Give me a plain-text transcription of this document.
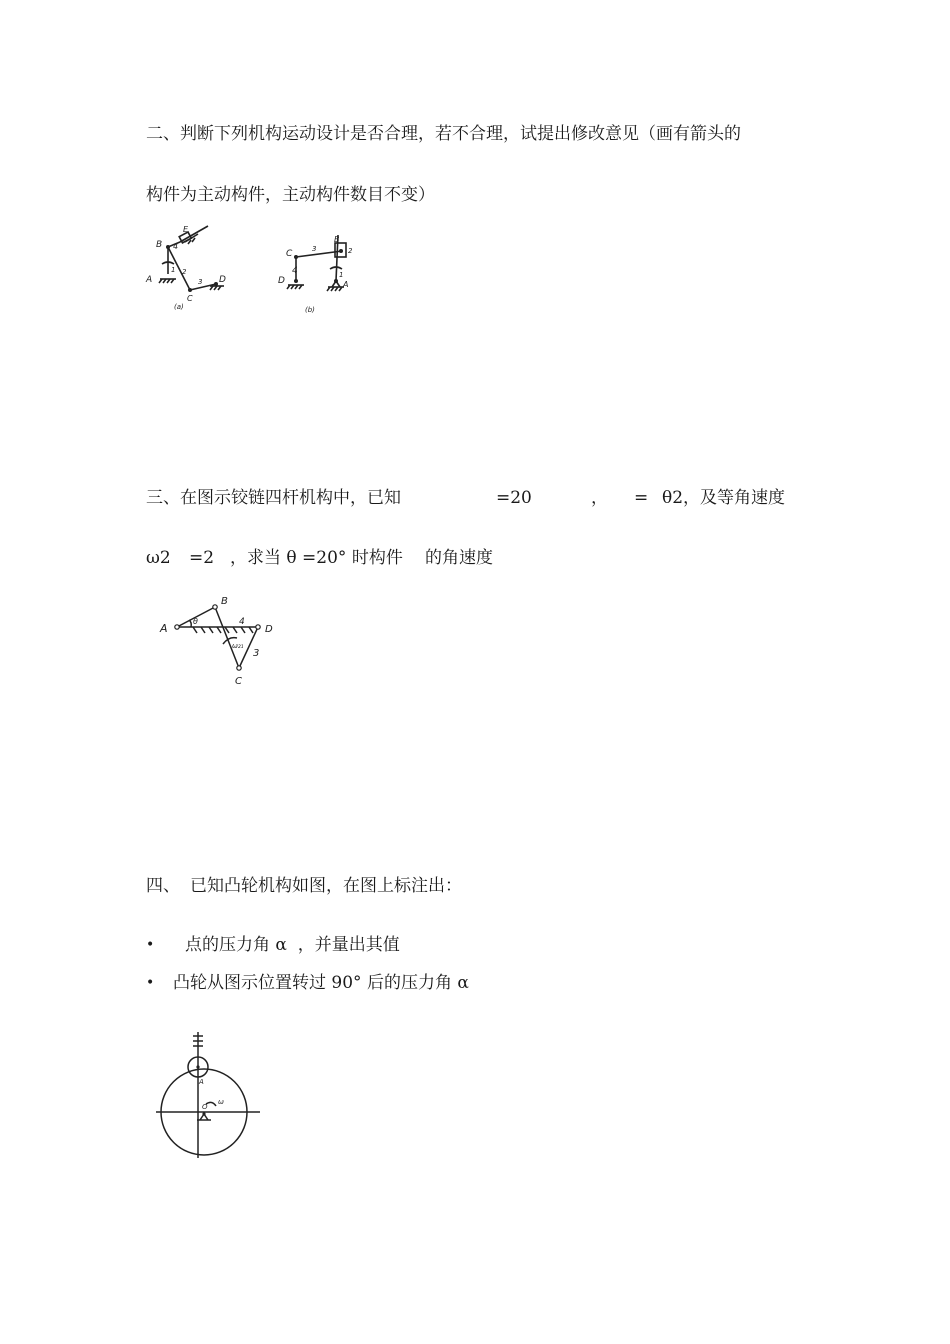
二、判断下列机构运动设计是否合理，若不合理，试提出修改意见（画有箭头的
构件为主动构件，主动构件数目不变）
B
E
A
C
D
1 2
3
4
(a)
C
B
D	A
1
2
3
4
(b)
三、在图示铰链四杆机构中，已知	=20	， = θ2，及等角速度
ω2 =2 ，求当 θ =20° 时构件 的角速度
A
B
C
D
θ	4
3
ω₂₁
四、 已知凸轮机构如图，在图上标注出：
• 点的压力角 α  ，并量出其值
• 凸轮从图示位置转过 90° 后的压力角 α
A
O
ω
